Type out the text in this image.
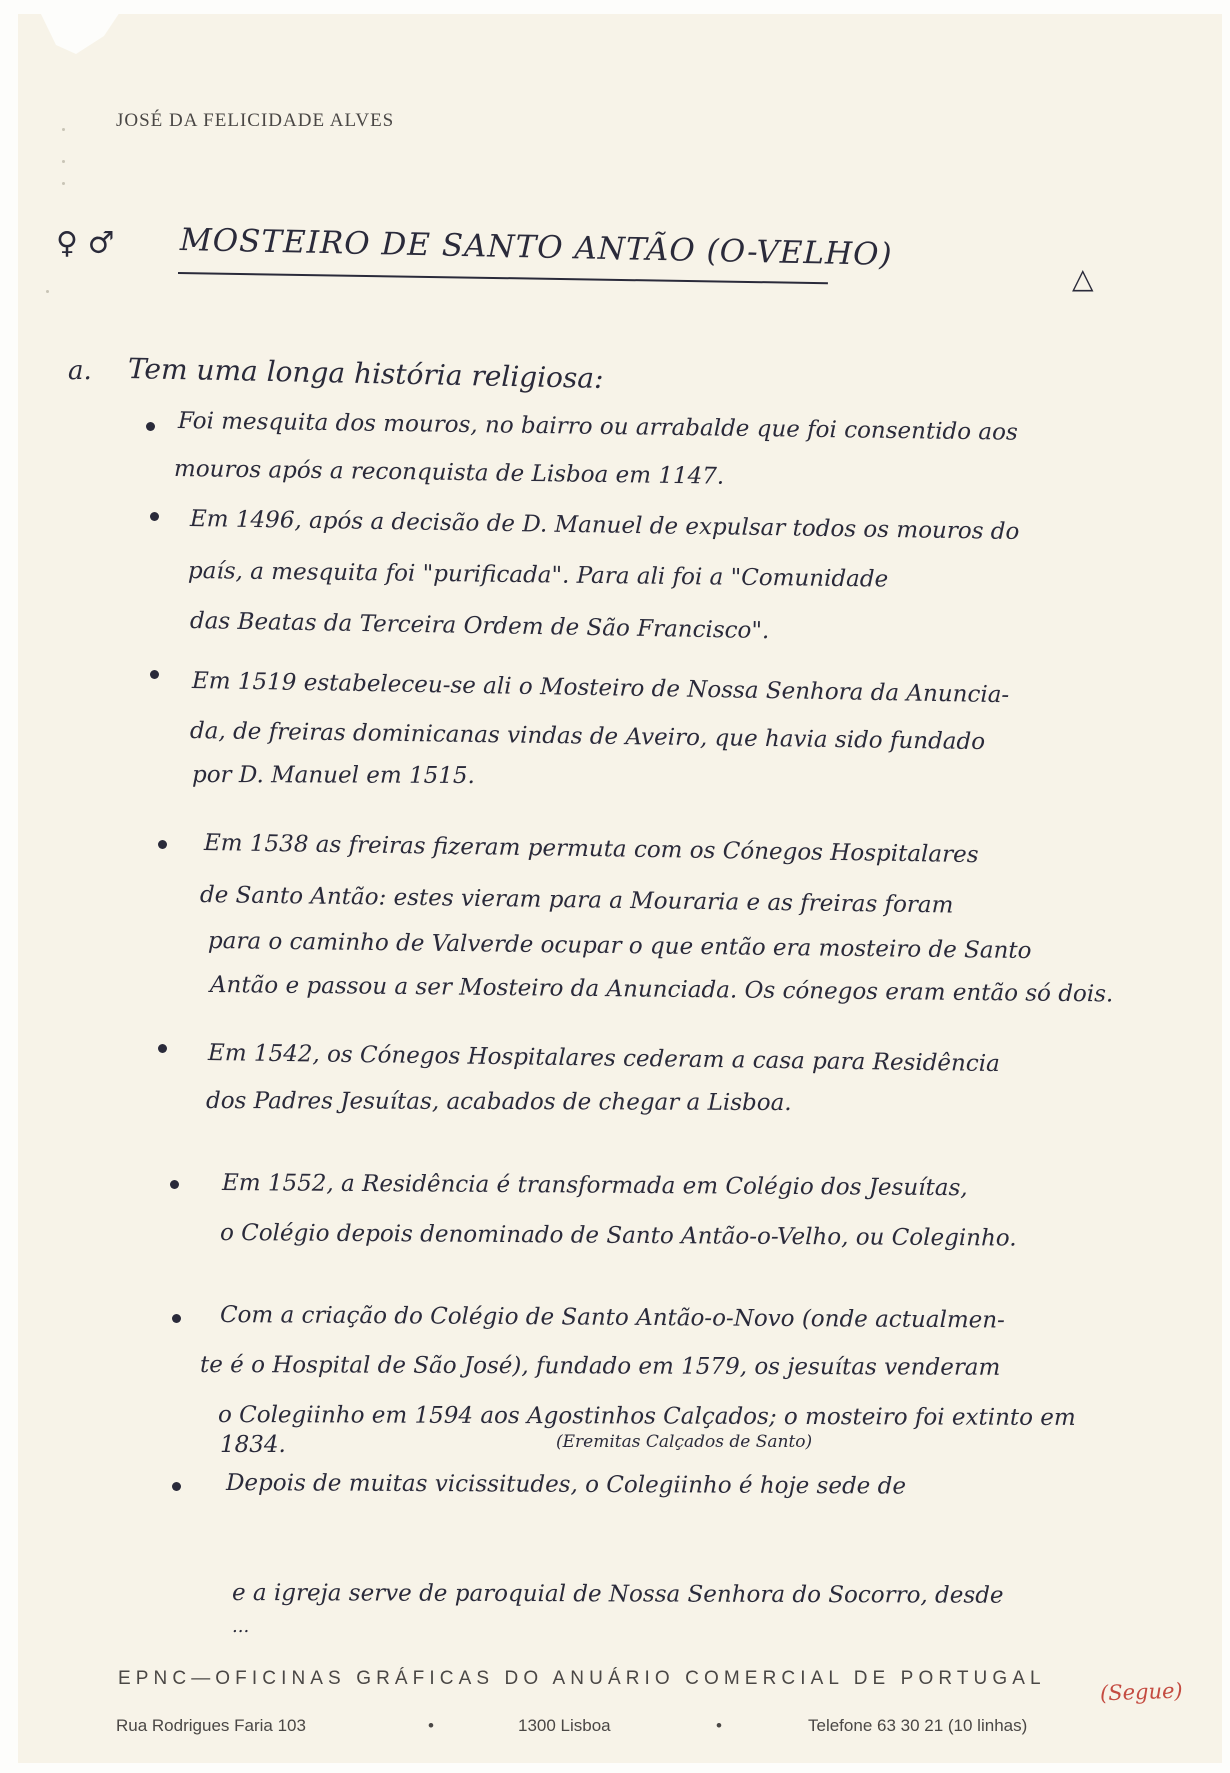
JOSÉ DA FELICIDADE ALVES
♀ ♂ MOSTEIRO DE SANTO ANTÃO (O-VELHO)
△
a. Tem uma longa história religiosa:
Foi mesquita dos mouros, no bairro ou arrabalde que foi consentido aos
mouros após a reconquista de Lisboa em 1147.
Em 1496, após a decisão de D. Manuel de expulsar todos os mouros do
país, a mesquita foi "purificada". Para ali foi a "Comunidade
das Beatas da Terceira Ordem de São Francisco".
Em 1519 estabeleceu-se ali o Mosteiro de Nossa Senhora da Anuncia-
da, de freiras dominicanas vindas de Aveiro, que havia sido fundado
por D. Manuel em 1515.
Em 1538 as freiras fizeram permuta com os Cónegos Hospitalares
de Santo Antão: estes vieram para a Mouraria e as freiras foram
para o caminho de Valverde ocupar o que então era mosteiro de Santo
Antão e passou a ser Mosteiro da Anunciada. Os cónegos eram então só dois.
Em 1542, os Cónegos Hospitalares cederam a casa para Residência
dos Padres Jesuítas, acabados de chegar a Lisboa.
Em 1552, a Residência é transformada em Colégio dos Jesuítas,
o Colégio depois denominado de Santo Antão-o-Velho, ou Coleginho.
Com a criação do Colégio de Santo Antão-o-Novo (onde actualmen-
te é o Hospital de São José), fundado em 1579, os jesuítas venderam
o Colegiinho em 1594 aos Agostinhos Calçados; o mosteiro foi extinto em
1834.	(Eremitas Calçados de Santo)
Depois de muitas vicissitudes, o Colegiinho é hoje sede de
e a igreja serve de paroquial de Nossa Senhora do Socorro, desde
...
EPNC—OFICINAS GRÁFICAS DO ANUÁRIO COMERCIAL DE PORTUGAL
Rua Rodrigues Faria 103	•	1300 Lisboa	•	Telefone 63 30 21 (10 linhas)
(Segue)
